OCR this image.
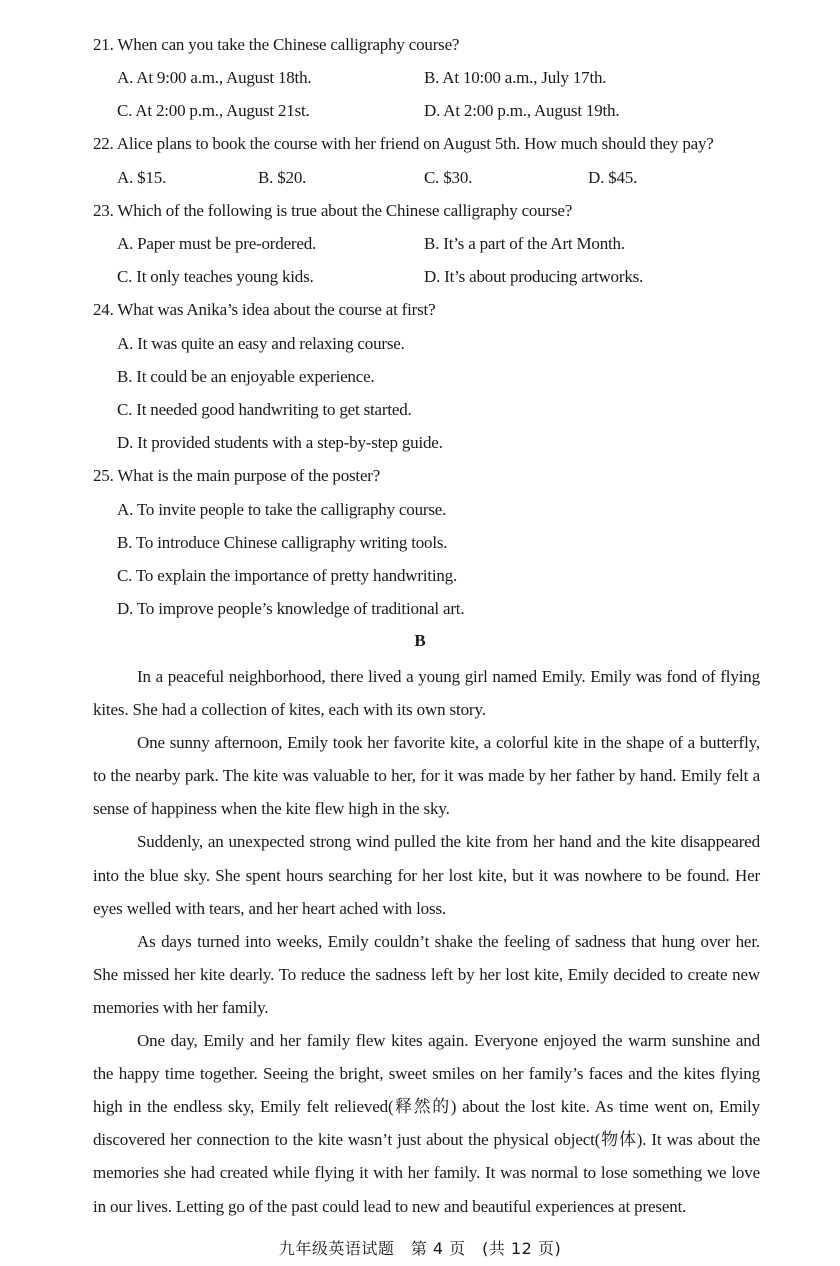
21. When can you take the Chinese calligraphy course?
A. At 9:00 a.m., August 18th.	B. At 10:00 a.m., July 17th.
C. At 2:00 p.m., August 21st.	D. At 2:00 p.m., August 19th.
22. Alice plans to book the course with her friend on August 5th. How much should they pay?
A. $15.	B. $20.	C. $30.	D. $45.
23. Which of the following is true about the Chinese calligraphy course?
A. Paper must be pre-ordered.	B. It’s a part of the Art Month.
C. It only teaches young kids.	D. It’s about producing artworks.
24. What was Anika’s idea about the course at first?
A. It was quite an easy and relaxing course.
B. It could be an enjoyable experience.
C. It needed good handwriting to get started.
D. It provided students with a step-by-step guide.
25. What is the main purpose of the poster?
A. To invite people to take the calligraphy course.
B. To introduce Chinese calligraphy writing tools.
C. To explain the importance of pretty handwriting.
D. To improve people’s knowledge of traditional art.
B

In a peaceful neighborhood, there lived a young girl named Emily. Emily was fond of flying kites. She had a collection of kites, each with its own story.

One sunny afternoon, Emily took her favorite kite, a colorful kite in the shape of a butterfly, to the nearby park. The kite was valuable to her, for it was made by her father by hand. Emily felt a sense of happiness when the kite flew high in the sky.

Suddenly, an unexpected strong wind pulled the kite from her hand and the kite disappeared into the blue sky. She spent hours searching for her lost kite, but it was nowhere to be found. Her eyes welled with tears, and her heart ached with loss.

As days turned into weeks, Emily couldn’t shake the feeling of sadness that hung over her. She missed her kite dearly. To reduce the sadness left by her lost kite, Emily decided to create new memories with her family.

One day, Emily and her family flew kites again. Everyone enjoyed the warm sunshine and the happy time together. Seeing the bright, sweet smiles on her family’s faces and the kites flying high in the endless sky, Emily felt relieved(释然的) about the lost kite. As time went on, Emily discovered her connection to the kite wasn’t just about the physical object(物体). It was about the memories she had created while flying it with her family. It was normal to lose something we love in our lives. Letting go of the past could lead to new and beautiful experiences at present.

九年级英语试题　第 4 页　(共 12 页)
